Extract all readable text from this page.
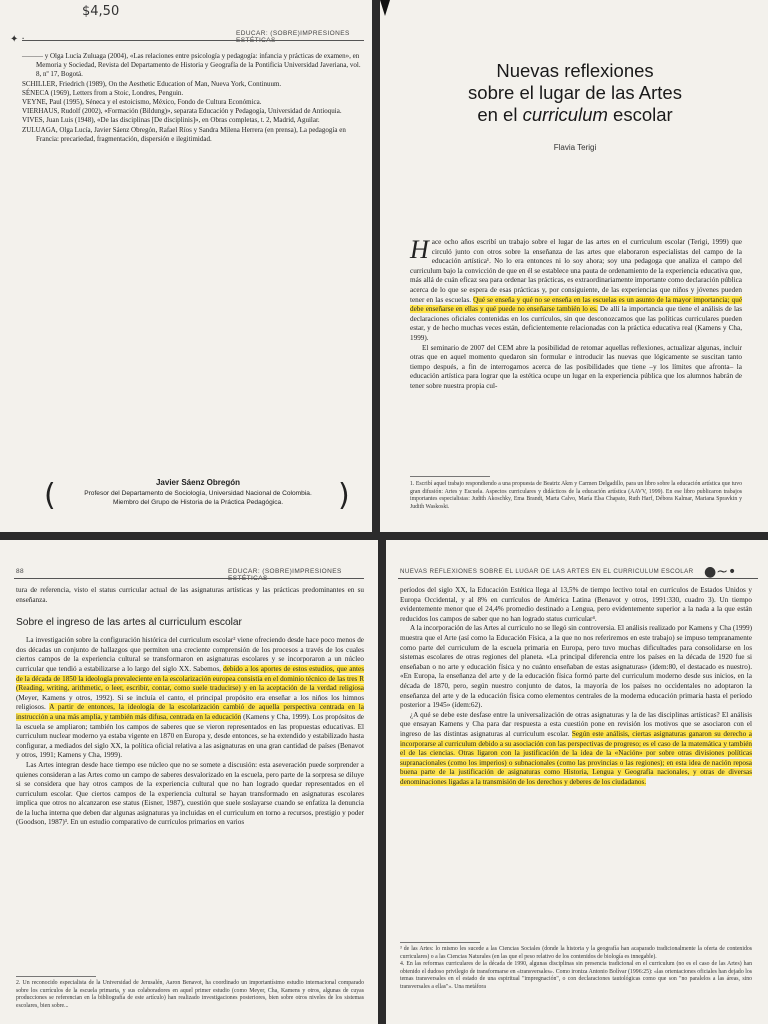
$4,50
✦ ·
EDUCAR: (SOBRE)IMPRESIONES ESTÉTICAS

——— y Olga Lucía Zuluaga (2004), «Las relaciones entre psicología y pedagogía: infancia y prácticas de examen», en Memoria y Sociedad, Revista del Departamento de Historia y Geografía de la Pontificia Universidad Javeriana, vol. 8, nº 17, Bogotá.

SCHILLER, Friedrich (1989), On the Aesthetic Education of Man, Nueva York, Continuum.

SÉNECA (1969), Letters from a Stoic, Londres, Penguin.

VEYNE, Paul (1995), Séneca y el estoicismo, México, Fondo de Cultura Económica.

VIERHAUS, Rudolf (2002), «Formación (Bildung)», separata Educación y Pedagogía, Universidad de Antioquia.

VIVES, Juan Luis (1948), «De las disciplinas [De disciplinis]», en Obras completas, t. 2, Madrid, Aguilar.

ZULUAGA, Olga Lucía, Javier Sáenz Obregón, Rafael Ríos y Sandra Milena Herrera (en prensa), La pedagogía en Francia: precariedad, fragmentación, dispersión e ilegitimidad.

(	)
Javier Sáenz Obregón
Profesor del Departamento de Sociología, Universidad Nacional de Colombia.
Miembro del Grupo de Historia de la Práctica Pedagógica.
Nuevas reflexiones
sobre el lugar de las Artes
en el curriculum escolar
Flavia Terigi

Hace ocho años escribí un trabajo sobre el lugar de las artes en el curriculum escolar (Terigi, 1999) que circuló junto con otros sobre la enseñanza de las artes que elaboraron especialistas del campo de la educación artística¹. No lo era entonces ni lo soy ahora; soy una pedagoga que analiza el campo del curriculum bajo la convicción de que en él se establece una pauta de ordenamiento de la experiencia educativa que, más allá de cuán eficaz sea para ordenar las prácticas, es extraordinariamente importante como declaración pública acerca de lo que se espera de esas prácticas y, por consiguiente, de las experiencias que niños y jóvenes pueden tener en las escuelas. Qué se enseña y qué no se enseña en las escuelas es un asunto de la mayor importancia; qué debe enseñarse en ellas y qué puede no enseñarse también lo es. De allí la importancia que tiene el análisis de las declaraciones oficiales contenidas en los currículos, sin que desconozcamos que las políticas curriculares pueden estar, y de hecho muchas veces están, deficientemente relacionadas con la práctica educativa real (Kamens y Cha, 1999).

El seminario de 2007 del CEM abre la posibilidad de retomar aquellas reflexiones, actualizar algunas, incluir otras que en aquel momento quedaron sin formular e introducir las nuevas que lógicamente se suscitan tanto tiempo después, a fin de interrogarnos acerca de las posibilidades que tiene –y los límites que afronta– la educación artística para lograr que la estética ocupe un lugar en la experiencia pública que los alumnos habrán de tener sobre nuestra propia cul-

1. Escribí aquel trabajo respondiendo a una propuesta de Beatriz Akm y Carmen Delgadillo, para un libro sobre la educación artística que tuvo gran difusión: Artes y Escuela. Aspectos curriculares y didácticos de la educación artística (AAVV, 1999). En ese libro publicaron trabajos importantes especialistas: Judith Akoschky, Ema Brandt, Marta Calvo, María Elsa Chapato, Ruth Harf, Débora Kalmar, Mariana Spravkin y Judith Waskoski.
88	EDUCAR: (SOBRE)IMPRESIONES ESTÉTICAS

tura de referencia, visto el status curricular actual de las asignaturas artísticas y las prácticas predominantes en su enseñanza.

Sobre el ingreso de las artes al curriculum escolar

La investigación sobre la configuración histórica del curriculum escolar² viene ofreciendo desde hace poco menos de dos décadas un conjunto de hallazgos que permiten una creciente comprensión de los procesos a través de los cuales ciertos campos de la experiencia cultural se transformaron en asignaturas escolares y se incorporaron a un núcleo curricular que tendió a estabilizarse a lo largo del siglo XX. Sabemos, debido a los aportes de estos estudios, que antes de la década de 1850 la ideología prevaleciente en la escolarización europea consistía en el dominio técnico de las tres R (Reading, writing, arithmetic, o leer, escribir, contar, como suele traducirse) y en la aceptación de la verdad religiosa (Meyer, Kamens y otros, 1992). Si se incluía el canto, el principal propósito era enseñar a los niños los himnos religiosos. A partir de entonces, la ideología de la escolarización cambió de aquella perspectiva centrada en la instrucción a una más amplia, y también más difusa, centrada en la educación (Kamens y Cha, 1999). Los propósitos de la escuela se ampliaron; también los campos de saberes que se vieron representados en las propuestas educativas. El curriculum nuclear moderno ya estaba vigente en 1870 en Europa y, desde entonces, se ha extendido y estabilizado hasta configurar, a mediados del siglo XX, la política oficial relativa a las asignaturas en una gran cantidad de países (Benavot y otros, 1991; Kamens y Cha, 1999).

Las Artes integran desde hace tiempo ese núcleo que no se somete a discusión: esta aseveración puede sorprender a quienes consideran a las Artes como un campo de saberes desvalorizado en la escuela, pero parte de la sorpresa se diluye si se considera que hay otros campos de la experiencia cultural que no han logrado quedar representados en el curriculum escolar. Que ciertos campos de la experiencia cultural se hayan transformado en asignaturas escolares implica que otros no alcanzaron ese status (Eisner, 1987), cuestión que suele soslayarse cuando se enfatiza la denuncia de la lucha interna que deben dar algunas asignaturas ya incluidas en el curriculum en torno a recursos, prestigio y poder (Goodson, 1987)³. En un estudio comparativo de currículos primarios en varios

2. Un reconocido especialista de la Universidad de Jerusalén, Aaron Benavot, ha coordinado un importantísimo estudio internacional comparado sobre los currículos de la escuela primaria, y sus colaboradores en aquel primer estudio (como Meyer, Cha, Kamens y otros, algunas de cuyas producciones se referencian en la bibliografía de este artículo) han realizado investigaciones posteriores, bien sobre otros niveles de los sistemas escolares, bien sobre...
NUEVAS REFLEXIONES SOBRE EL LUGAR DE LAS ARTES EN EL CURRICULUM ESCOLAR ●~•

períodos del siglo XX, la Educación Estética llega al 13,5% de tiempo lectivo total en currículos de Estados Unidos y Europa Occidental, y al 8% en currículos de América Latina (Benavot y otros, 1991:330, cuadro 3). Un tiempo evidentemente menor que el 24,4% promedio destinado a Lengua, pero evidentemente superior a la nada a la que están reducidos los campos de saber que no han logrado status curricular⁴.

A la incorporación de las Artes al currículo no se llegó sin controversia. El análisis realizado por Kamens y Cha (1999) muestra que el Arte (así como la Educación Física, a la que no nos referiremos en este trabajo) se impuso tempranamente como parte del curriculum de la escuela primaria en Europa, pero tuvo muchas dificultades para consolidarse en los sistemas escolares de otras regiones del planeta. «La principal diferencia entre los países en la década de 1920 fue si enseñaban o no arte y educación física y no cuánto enseñaban de estas asignaturas» (ídem:80, el destacado es nuestro). «En Europa, la enseñanza del arte y de la educación física formó parte del curriculum moderno desde sus inicios, en la década de 1870, pero, según nuestro conjunto de datos, la mayoría de los países no occidentales no adoptaron la enseñanza del arte y de la educación física como elementos centrales de la moderna educación primaria hasta el período posterior a 1945» (ídem:62).

¿A qué se debe este desfase entre la universalización de otras asignaturas y la de las disciplinas artísticas? El análisis que ensayan Kamens y Cha para dar respuesta a esta cuestión pone en revisión los motivos que se asociaron con el ingreso de las distintas asignaturas al curriculum escolar. Según este análisis, ciertas asignaturas ganaron su derecho a incorporarse al curriculum debido a su asociación con las perspectivas de progreso; es el caso de la matemática y también el de las ciencias. Otras ligaron con la justificación de la idea de la «Nación» por sobre otras divisiones políticas supranacionales (como los imperios) o subnacionales (como las provincias o las regiones); en esta idea de nación reposa buena parte de la justificación de asignaturas como Historia, Lengua y Geografía nacionales, y otras de diversas denominaciones ligadas a la transmisión de los derechos y deberes de los ciudadanos.

³ de las Artes: lo mismo les sucede a las Ciencias Sociales (donde la historia y la geografía han acaparado tradicionalmente la oferta de contenidos curriculares) o a las Ciencias Naturales (en las que el peso relativo de los contenidos de biología es innegable).
4. En las reformas curriculares de la década de 1990, algunas disciplinas sin presencia tradicional en el curriculum (no es el caso de las Artes) han obtenido el dudoso privilegio de transformarse en «transversales». Como ironiza Antonio Bolívar (1996:25): «las orientaciones oficiales han dejado los temas transversales en el estado de una espiritual "impregnación", o con declaraciones tautológicas como que son "no paralelos a las áreas, sino transversales a ellas"». Una metáfora
